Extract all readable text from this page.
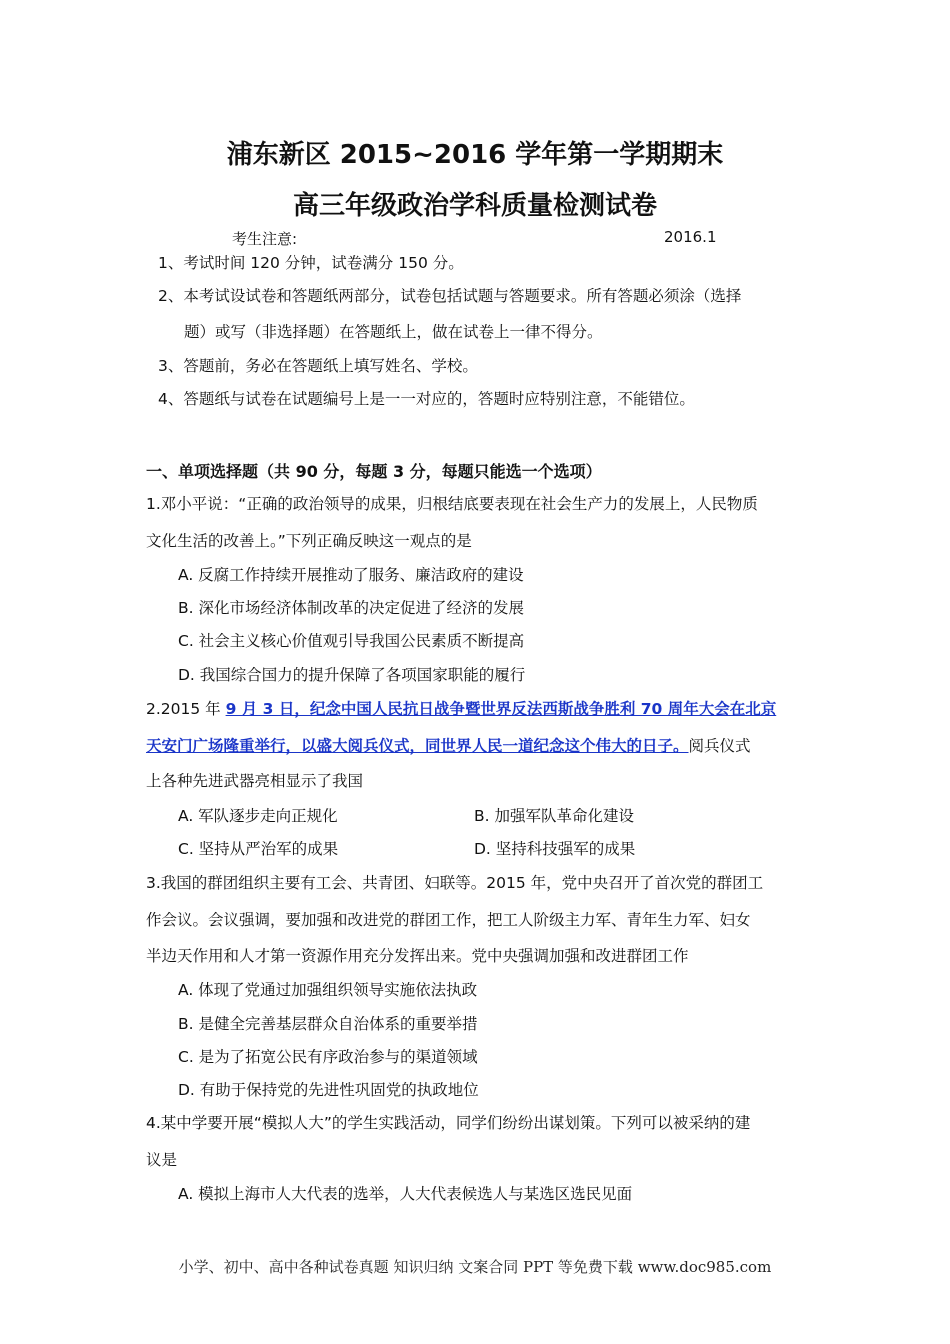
浦东新区 2015~2016 学年第一学期期末
高三年级政治学科质量检测试卷
考生注意:	2016.1
1、考试时间 120 分钟，试卷满分 150 分。
2、本考试设试卷和答题纸两部分，试卷包括试题与答题要求。所有答题必须涂（选择
题）或写（非选择题）在答题纸上，做在试卷上一律不得分。
3、答题前，务必在答题纸上填写姓名、学校。
4、答题纸与试卷在试题编号上是一一对应的，答题时应特别注意，不能错位。
一、单项选择题（共 90 分，每题 3 分，每题只能选一个选项）
1.邓小平说：“正确的政治领导的成果，归根结底要表现在社会生产力的发展上，人民物质
文化生活的改善上。”下列正确反映这一观点的是
A. 反腐工作持续开展推动了服务、廉洁政府的建设
B. 深化市场经济体制改革的决定促进了经济的发展
C. 社会主义核心价值观引导我国公民素质不断提高
D. 我国综合国力的提升保障了各项国家职能的履行
2.2015 年 9 月 3 日，纪念中国人民抗日战争暨世界反法西斯战争胜利 70 周年大会在北京
天安门广场隆重举行，以盛大阅兵仪式，同世界人民一道纪念这个伟大的日子。阅兵仪式
上各种先进武器亮相显示了我国
A. 军队逐步走向正规化	B. 加强军队革命化建设
C. 坚持从严治军的成果	D. 坚持科技强军的成果
3.我国的群团组织主要有工会、共青团、妇联等。2015 年，党中央召开了首次党的群团工
作会议。会议强调，要加强和改进党的群团工作，把工人阶级主力军、青年生力军、妇女
半边天作用和人才第一资源作用充分发挥出来。党中央强调加强和改进群团工作
A. 体现了党通过加强组织领导实施依法执政
B. 是健全完善基层群众自治体系的重要举措
C. 是为了拓宽公民有序政治参与的渠道领域
D. 有助于保持党的先进性巩固党的执政地位
4.某中学要开展“模拟人大”的学生实践活动，同学们纷纷出谋划策。下列可以被采纳的建
议是
A. 模拟上海市人大代表的选举，人大代表候选人与某选区选民见面
小学、初中、高中各种试卷真题 知识归纳 文案合同 PPT 等免费下载 www.doc985.com
